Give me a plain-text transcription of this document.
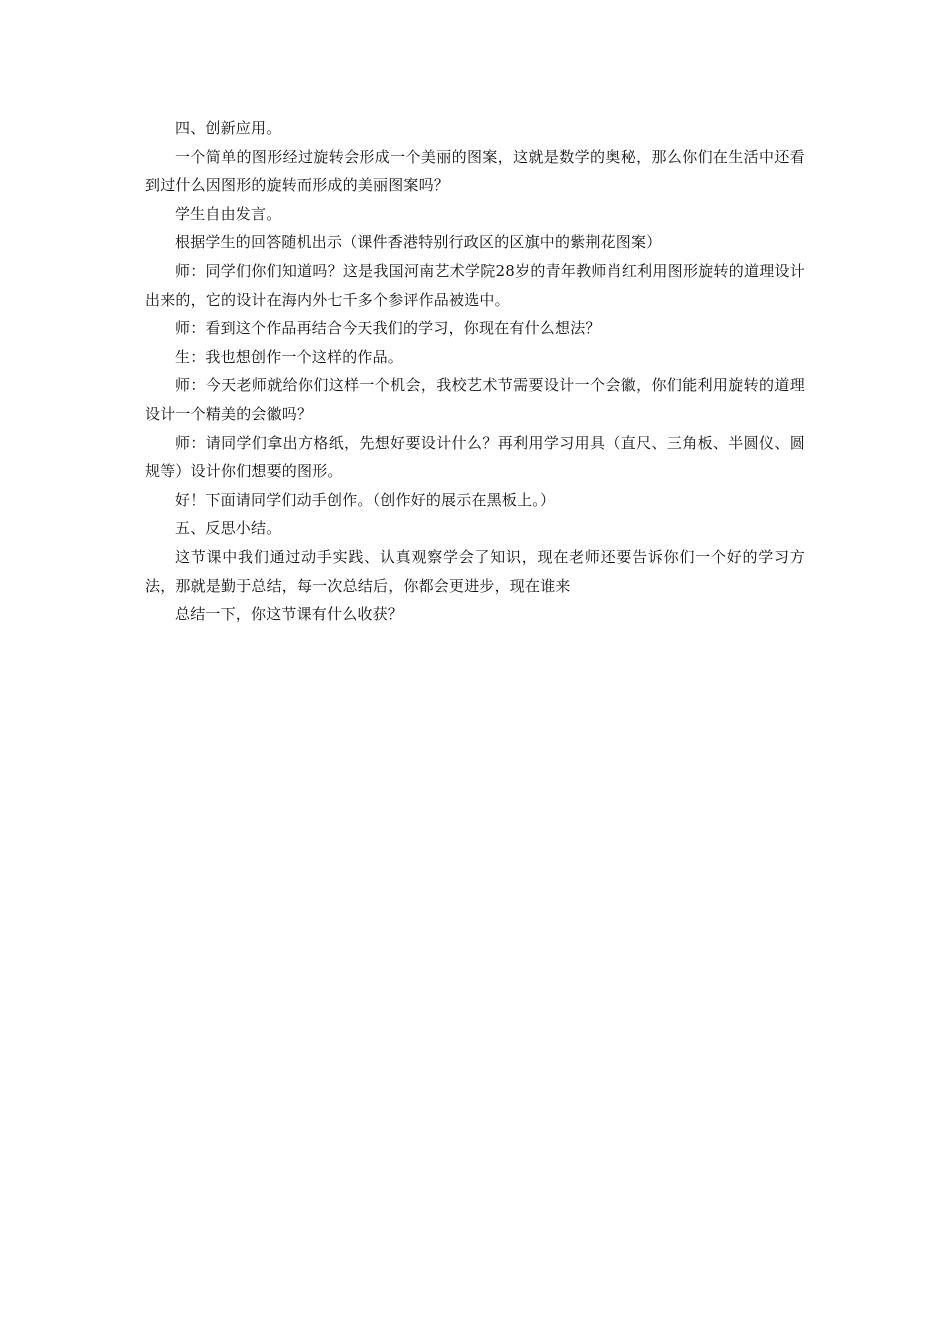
四、创新应用。

一个简单的图形经过旋转会形成一个美丽的图案，这就是数学的奥秘，那么你们在生活中还看到过什么因图形的旋转而形成的美丽图案吗？

学生自由发言。

根据学生的回答随机出示（课件香港特别行政区的区旗中的紫荆花图案）

师：同学们你们知道吗？这是我国河南艺术学院28岁的青年教师肖红利用图形旋转的道理设计出来的，它的设计在海内外七千多个参评作品被选中。

师：看到这个作品再结合今天我们的学习，你现在有什么想法？

生：我也想创作一个这样的作品。

师：今天老师就给你们这样一个机会，我校艺术节需要设计一个会徽，你们能利用旋转的道理设计一个精美的会徽吗？

师：请同学们拿出方格纸，先想好要设计什么？再利用学习用具（直尺、三角板、半圆仪、圆规等）设计你们想要的图形。

好！下面请同学们动手创作。（创作好的展示在黑板上。）

五、反思小结。

这节课中我们通过动手实践、认真观察学会了知识，现在老师还要告诉你们一个好的学习方法，那就是勤于总结，每一次总结后，你都会更进步，现在谁来

总结一下，你这节课有什么收获？
